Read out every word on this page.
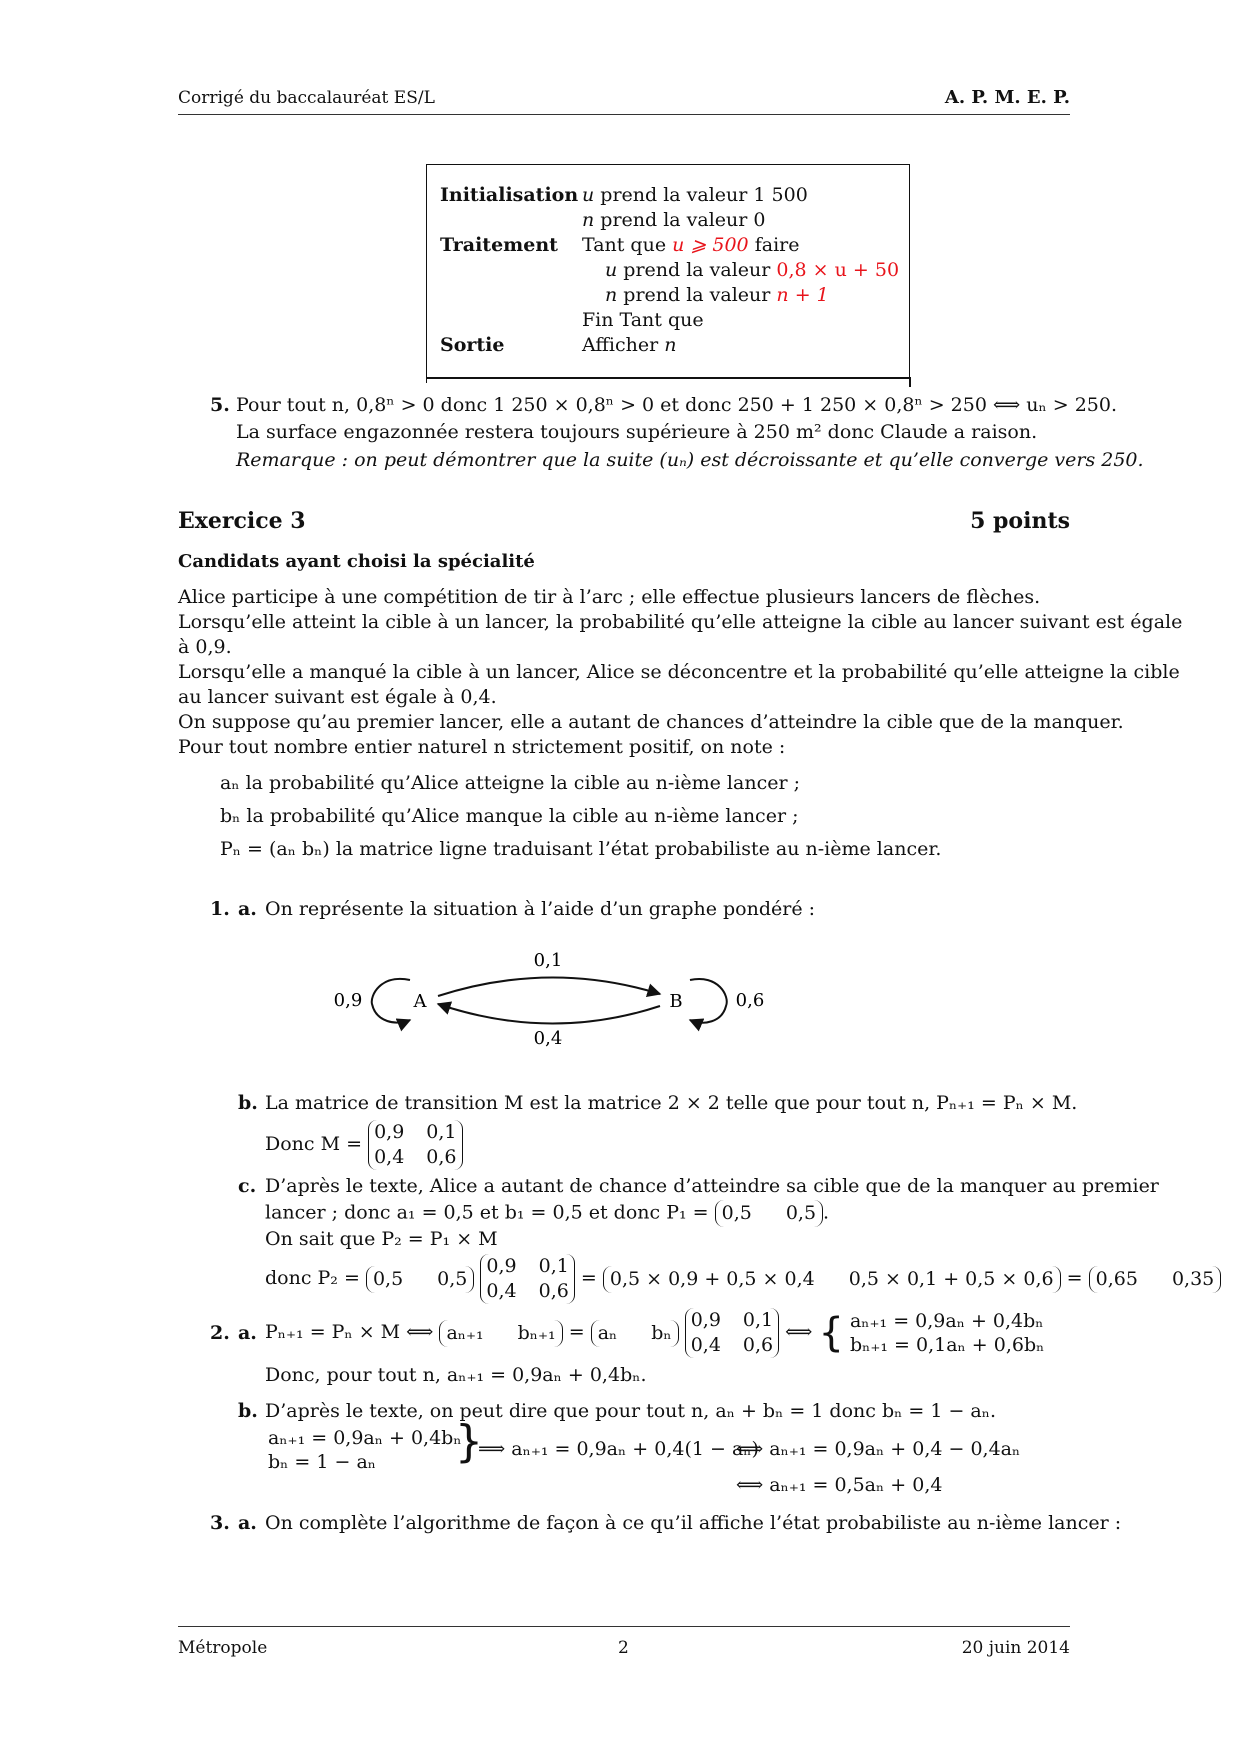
Corrigé du baccalauréat ES/L	A. P. M. E. P.
Initialisation u prend la valeur 1 500
n prend la valeur 0
Traitement Tant que u ⩾ 500 faire
u prend la valeur 0,8 × u + 50
n prend la valeur n + 1
Fin Tant que
Sortie	Afficher n
5. Pour tout n, 0,8ⁿ > 0 donc 1 250 × 0,8ⁿ > 0 et donc 250 + 1 250 × 0,8ⁿ > 250 ⟺ uₙ > 250.
La surface engazonnée restera toujours supérieure à 250 m² donc Claude a raison.
Remarque : on peut démontrer que la suite (uₙ) est décroissante et qu’elle converge vers 250.
Exercice 3	5 points
Candidats ayant choisi la spécialité
Alice participe à une compétition de tir à l’arc ; elle effectue plusieurs lancers de flèches.
Lorsqu’elle atteint la cible à un lancer, la probabilité qu’elle atteigne la cible au lancer suivant est égale
à 0,9.
Lorsqu’elle a manqué la cible à un lancer, Alice se déconcentre et la probabilité qu’elle atteigne la cible
au lancer suivant est égale à 0,4.
On suppose qu’au premier lancer, elle a autant de chances d’atteindre la cible que de la manquer.
Pour tout nombre entier naturel n strictement positif, on note :
aₙ la probabilité qu’Alice atteigne la cible au n-ième lancer ;
bₙ la probabilité qu’Alice manque la cible au n-ième lancer ;
Pₙ = (aₙ bₙ) la matrice ligne traduisant l’état probabiliste au n-ième lancer.
1. a. On représente la situation à l’aide d’un graphe pondéré :
A	B
0,9	0,6
0,1
0,4
b. La matrice de transition M est la matrice 2 × 2 telle que pour tout n, Pₙ₊₁ = Pₙ × M.
Donc M =
0,9 0,1
0,4 0,6
c. D’après le texte, Alice a autant de chance d’atteindre sa cible que de la manquer au premier
lancer ; donc a₁ = 0,5 et b₁ = 0,5 et donc P₁ = 0,5 0,5 .
On sait que P₂ = P₁ × M
donc P₂ = 0,5 0,5

0,9 0,1
0,4 0,6
= 0,5 × 0,9 + 0,5 × 0,4 0,5 × 0,1 + 0,5 × 0,6 = 0,65 0,35
2. a. Pₙ₊₁ = Pₙ × M ⟺ aₙ₊₁ bₙ₊₁ = aₙ bₙ

0,9 0,1
0,4 0,6
⟺ { aₙ₊₁ = 0,9aₙ + 0,4bₙ
bₙ₊₁ = 0,1aₙ + 0,6bₙ
Donc, pour tout n, aₙ₊₁ = 0,9aₙ + 0,4bₙ.
b. D’après le texte, on peut dire que pour tout n, aₙ + bₙ = 1 donc bₙ = 1 − aₙ.
aₙ₊₁ = 0,9aₙ + 0,4bₙ
bₙ = 1 − aₙ	}
⟹ aₙ₊₁ = 0,9aₙ + 0,4(1 − aₙ)
⟺ aₙ₊₁ = 0,9aₙ + 0,4 − 0,4aₙ
⟺ aₙ₊₁ = 0,5aₙ + 0,4
3. a. On complète l’algorithme de façon à ce qu’il affiche l’état probabiliste au n-ième lancer :
Métropole	2	20 juin 2014
